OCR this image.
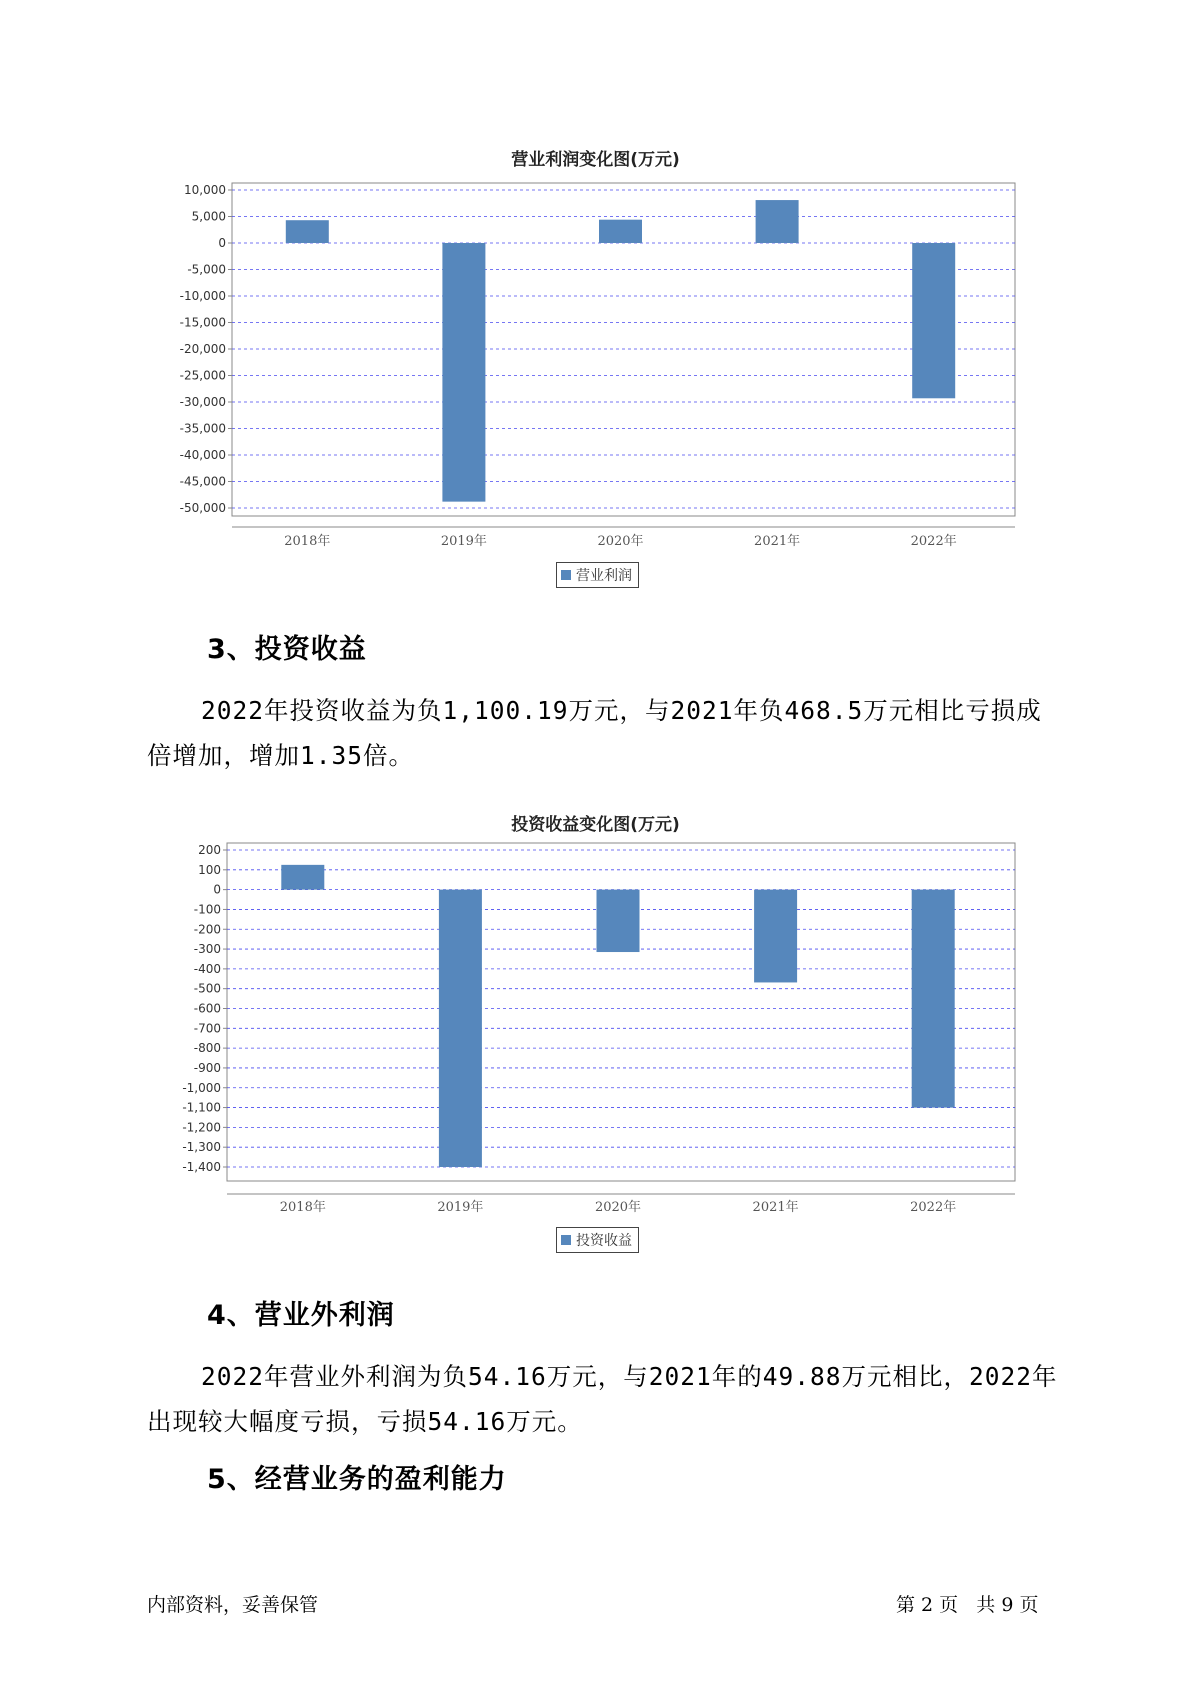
营业利润变化图(万元)
10,000
5,000
0
-5,000
-10,000
-15,000
-20,000
-25,000
-30,000
-35,000
-40,000
-45,000
-50,000
2018年	2019年	2020年	2021年	2022年
营业利润
3、投资收益

2022年投资收益为负1,100.19万元，与2021年负468.5万元相比亏损成倍增加，增加1.35倍。

投资收益变化图(万元)
200
100
0
-100
-200
-300
-400
-500
-600
-700
-800
-900
-1,000
-1,100
-1,200
-1,300
-1,400
2018年	2019年	2020年	2021年	2022年
投资收益
4、营业外利润

2022年营业外利润为负54.16万元，与2021年的49.88万元相比，2022年出现较大幅度亏损，亏损54.16万元。

5、经营业务的盈利能力
内部资料，妥善保管	第 2 页   共 9 页
